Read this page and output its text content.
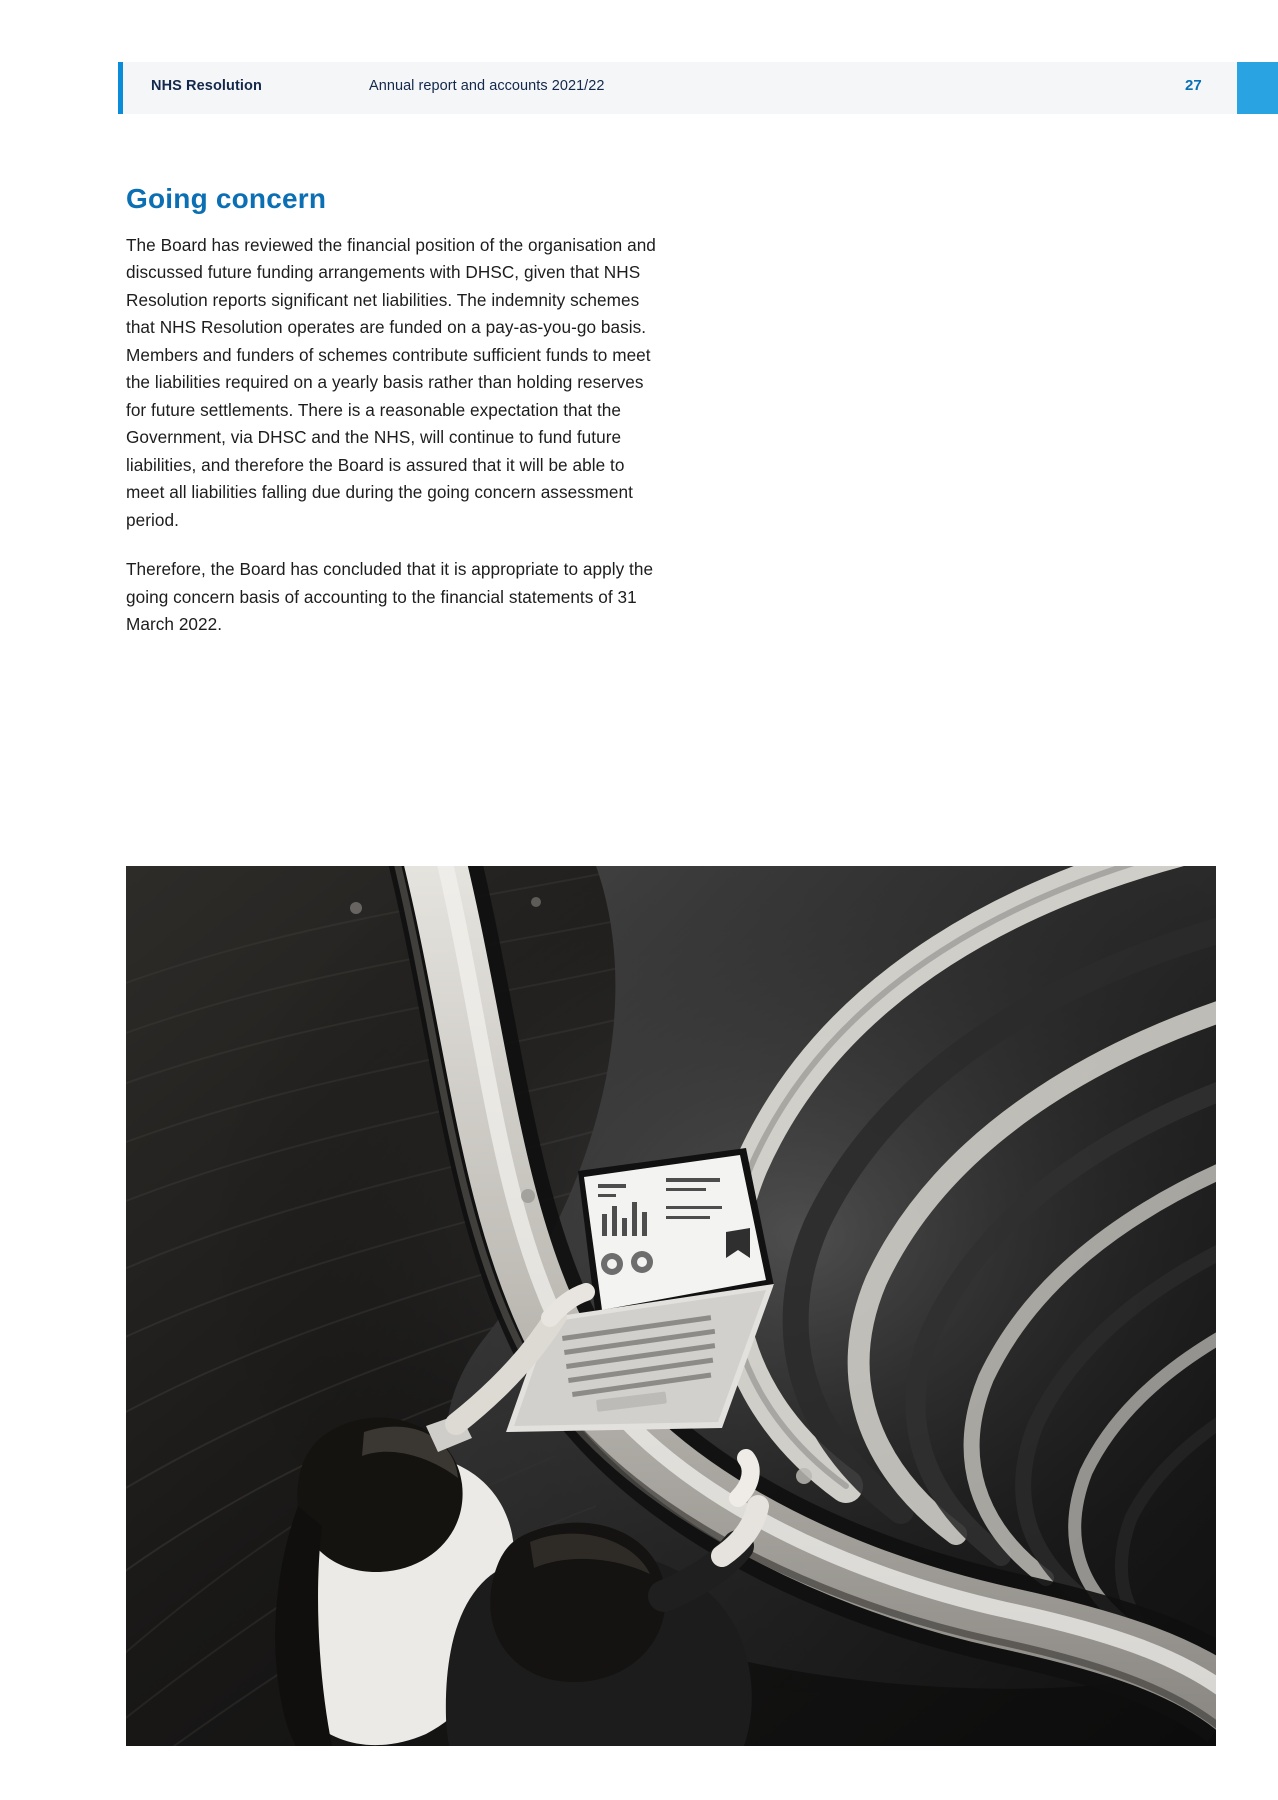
NHS Resolution	Annual report and accounts 2021/22	27
Going concern

The Board has reviewed the financial position of the organisation and discussed future funding arrangements with DHSC, given that NHS Resolution reports significant net liabilities. The indemnity schemes that NHS Resolution operates are funded on a pay-as-you-go basis. Members and funders of schemes contribute sufficient funds to meet the liabilities required on a yearly basis rather than holding reserves for future settlements. There is a reasonable expectation that the Government, via DHSC and the NHS, will continue to fund future liabilities, and therefore the Board is assured that it will be able to meet all liabilities falling due during the going concern assessment period.

Therefore, the Board has concluded that it is appropriate to apply the going concern basis of accounting to the financial statements of 31 March 2022.
